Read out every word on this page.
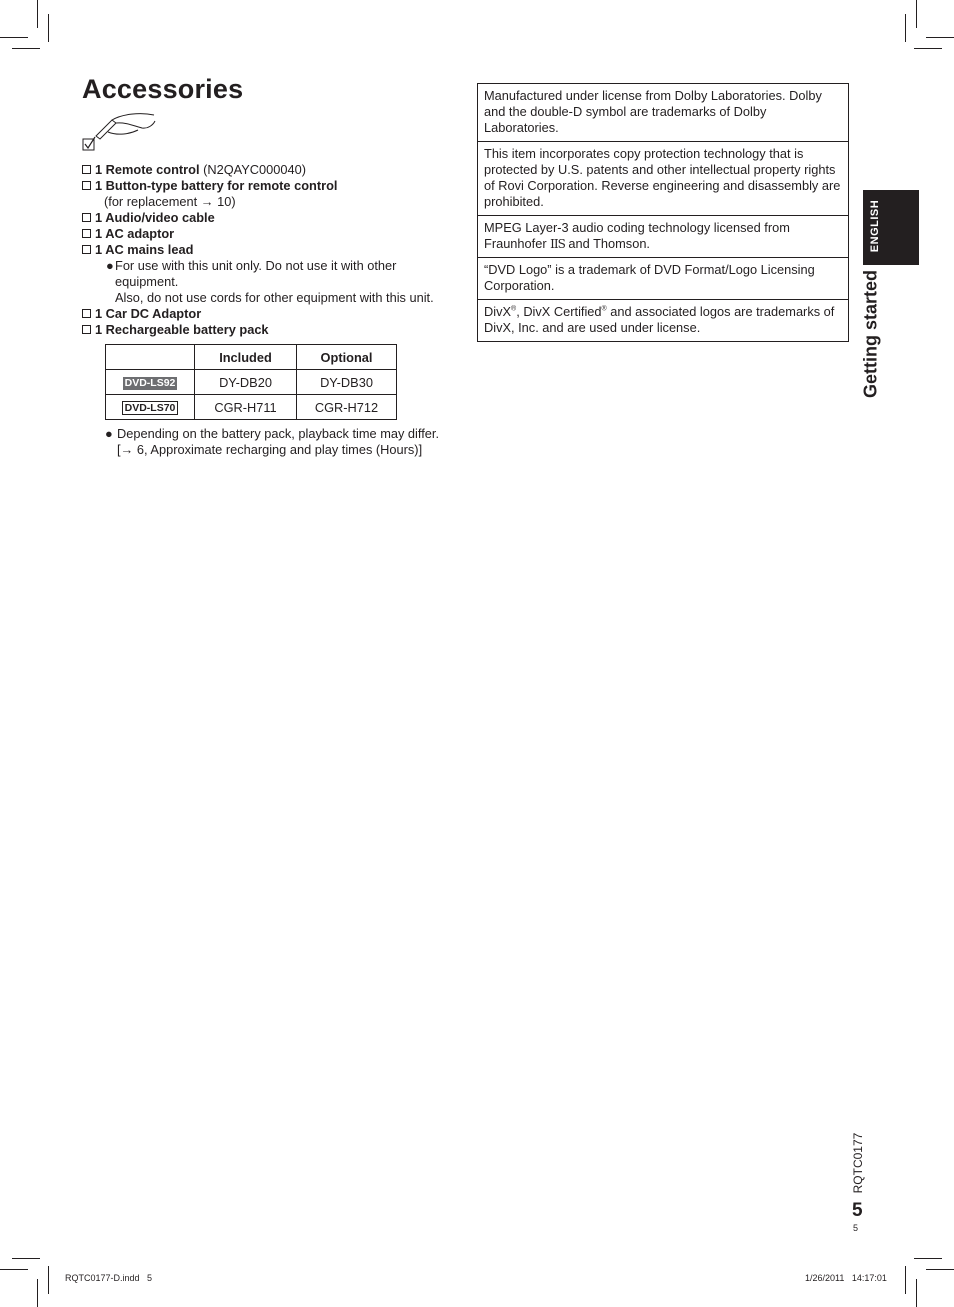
Accessories
1 Remote control (N2QAYC000040)
1 Button-type battery for remote control
(for replacement → 10)
1 Audio/video cable
1 AC adaptor
1 AC mains lead
● For use with this unit only. Do not use it with other
equipment.
Also, do not use cords for other equipment with this unit.
1 Car DC Adaptor
1 Rechargeable battery pack
	Included	Optional
DVD-LS92	DY-DB20	DY-DB30
DVD-LS70	CGR-H711	CGR-H712
● Depending on the battery pack, playback time may differ.
[→ 6, Approximate recharging and play times (Hours)]
Manufactured under license from Dolby Laboratories. Dolby and the double-D symbol are trademarks of Dolby Laboratories.
This item incorporates copy protection technology that is protected by U.S. patents and other intellectual property rights of Rovi Corporation. Reverse engineering and disassembly are prohibited.
MPEG Layer-3 audio coding technology licensed from Fraunhofer IIS and Thomson.
“DVD Logo” is a trademark of DVD Format/Logo Licensing Corporation.
DivX®, DivX Certified® and associated logos are trademarks of DivX, Inc. and are used under license.
ENGLISH
Getting started
RQTC0177
5
5
RQTC0177-D.indd   5	1/26/2011   14:17:01
